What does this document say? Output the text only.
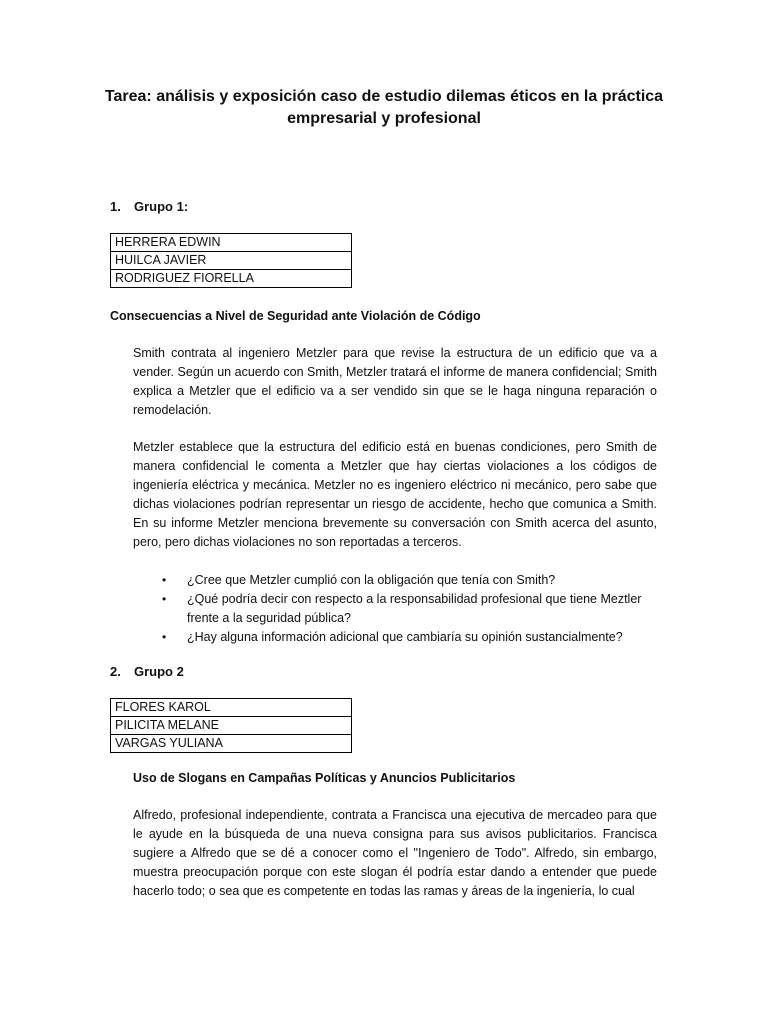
Tarea: análisis y exposición caso de estudio dilemas éticos en la práctica
empresarial y profesional
1. Grupo 1:
HERRERA EDWIN
HUILCA JAVIER
RODRIGUEZ FIORELLA
Consecuencias a Nivel de Seguridad ante Violación de Código

Smith contrata al ingeniero Metzler para que revise la estructura de un edificio que va a vender. Según un acuerdo con Smith, Metzler tratará el informe de manera confidencial; Smith explica a Metzler que el edificio va a ser vendido sin que se le haga ninguna reparación o remodelación.

Metzler establece que la estructura del edificio está en buenas condiciones, pero Smith de manera confidencial le comenta a Metzler que hay ciertas violaciones a los códigos de ingeniería eléctrica y mecánica. Metzler no es ingeniero eléctrico ni mecánico, pero sabe que dichas violaciones podrían representar un riesgo de accidente, hecho que comunica a Smith. En su informe Metzler menciona brevemente su conversación con Smith acerca del asunto, pero, pero dichas violaciones no son reportadas a terceros.

• ¿Cree que Metzler cumplió con la obligación que tenía con Smith?
• ¿Qué podría decir con respecto a la responsabilidad profesional que tiene Meztler frente a la seguridad pública?
• ¿Hay alguna información adicional que cambiaría su opinión sustancialmente?
2. Grupo 2
FLORES KAROL
PILICITA MELANE
VARGAS YULIANA
Uso de Slogans en Campañas Políticas y Anuncios Publicitarios

Alfredo, profesional independiente, contrata a Francisca una ejecutiva de mercadeo para que le ayude en la búsqueda de una nueva consigna para sus avisos publicitarios. Francisca sugiere a Alfredo que se dé a conocer como el "Ingeniero de Todo". Alfredo, sin embargo, muestra preocupación porque con este slogan él podría estar dando a entender que puede hacerlo todo; o sea que es competente en todas las ramas y áreas de la ingeniería, lo cual
